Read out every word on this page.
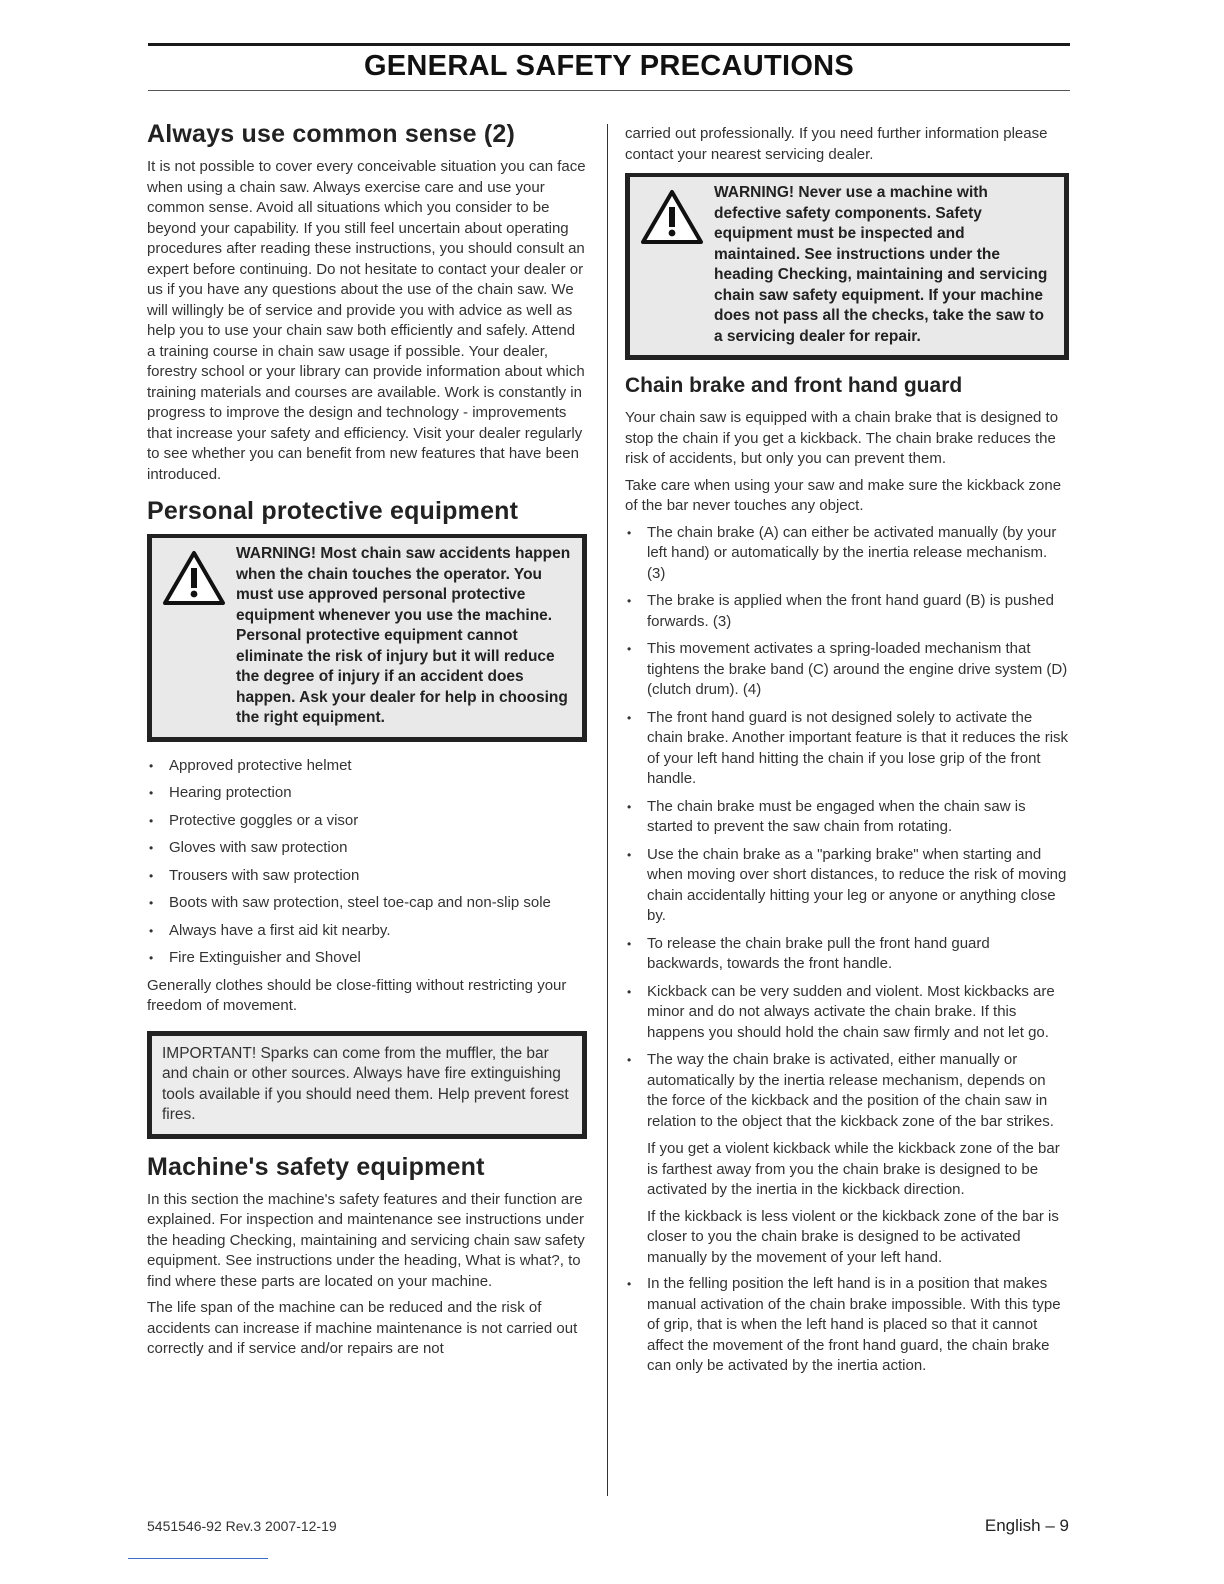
GENERAL SAFETY PRECAUTIONS
Always use common sense (2)

It is not possible to cover every conceivable situation you can face when using a chain saw. Always exercise care and use your common sense. Avoid all situations which you consider to be beyond your capability. If you still feel uncertain about operating procedures after reading these instructions, you should consult an expert before continuing. Do not hesitate to contact your dealer or us if you have any questions about the use of the chain saw. We will willingly be of service and provide you with advice as well as help you to use your chain saw both efficiently and safely. Attend a training course in chain saw usage if possible. Your dealer, forestry school or your library can provide information about which training materials and courses are available. Work is constantly in progress to improve the design and technology - improvements that increase your safety and efficiency. Visit your dealer regularly to see whether you can benefit from new features that have been introduced.

Personal protective equipment
WARNING! Most chain saw accidents happen when the chain touches the operator. You must use approved personal protective equipment whenever you use the machine. Personal protective equipment cannot eliminate the risk of injury but it will reduce the degree of injury if an accident does happen. Ask your dealer for help in choosing the right equipment.
• Approved protective helmet
• Hearing protection
• Protective goggles or a visor
• Gloves with saw protection
• Trousers with saw protection
• Boots with saw protection, steel toe-cap and non-slip sole
• Always have a first aid kit nearby.
• Fire Extinguisher and Shovel

Generally clothes should be close-fitting without restricting your freedom of movement.

IMPORTANT! Sparks can come from the muffler, the bar and chain or other sources. Always have fire extinguishing tools available if you should need them. Help prevent forest fires.

Machine's safety equipment

In this section the machine's safety features and their function are explained. For inspection and maintenance see instructions under the heading Checking, maintaining and servicing chain saw safety equipment. See instructions under the heading, What is what?, to find where these parts are located on your machine.

The life span of the machine can be reduced and the risk of accidents can increase if machine maintenance is not carried out correctly and if service and/or repairs are not

carried out professionally. If you need further information please contact your nearest servicing dealer.

WARNING! Never use a machine with defective safety components. Safety equipment must be inspected and maintained. See instructions under the heading Checking, maintaining and servicing chain saw safety equipment. If your machine does not pass all the checks, take the saw to a servicing dealer for repair.
Chain brake and front hand guard

Your chain saw is equipped with a chain brake that is designed to stop the chain if you get a kickback. The chain brake reduces the risk of accidents, but only you can prevent them.

Take care when using your saw and make sure the kickback zone of the bar never touches any object.

• The chain brake (A) can either be activated manually (by your left hand) or automatically by the inertia release mechanism. (3)
• The brake is applied when the front hand guard (B) is pushed forwards. (3)
• This movement activates a spring-loaded mechanism that tightens the brake band (C) around the engine drive system (D) (clutch drum). (4)
• The front hand guard is not designed solely to activate the chain brake. Another important feature is that it reduces the risk of your left hand hitting the chain if you lose grip of the front handle.
• The chain brake must be engaged when the chain saw is started to prevent the saw chain from rotating.
• Use the chain brake as a "parking brake" when starting and when moving over short distances, to reduce the risk of moving chain accidentally hitting your leg or anyone or anything close by.
• To release the chain brake pull the front hand guard backwards, towards the front handle.
• Kickback can be very sudden and violent. Most kickbacks are minor and do not always activate the chain brake. If this happens you should hold the chain saw firmly and not let go.
• The way the chain brake is activated, either manually or automatically by the inertia release mechanism, depends on the force of the kickback and the position of the chain saw in relation to the object that the kickback zone of the bar strikes.

If you get a violent kickback while the kickback zone of the bar is farthest away from you the chain brake is designed to be activated by the inertia in the kickback direction.

If the kickback is less violent or the kickback zone of the bar is closer to you the chain brake is designed to be activated manually by the movement of your left hand.

• In the felling position the left hand is in a position that makes manual activation of the chain brake impossible. With this type of grip, that is when the left hand is placed so that it cannot affect the movement of the front hand guard, the chain brake can only be activated by the inertia action.
5451546-92 Rev.3 2007-12-19	English – 9
